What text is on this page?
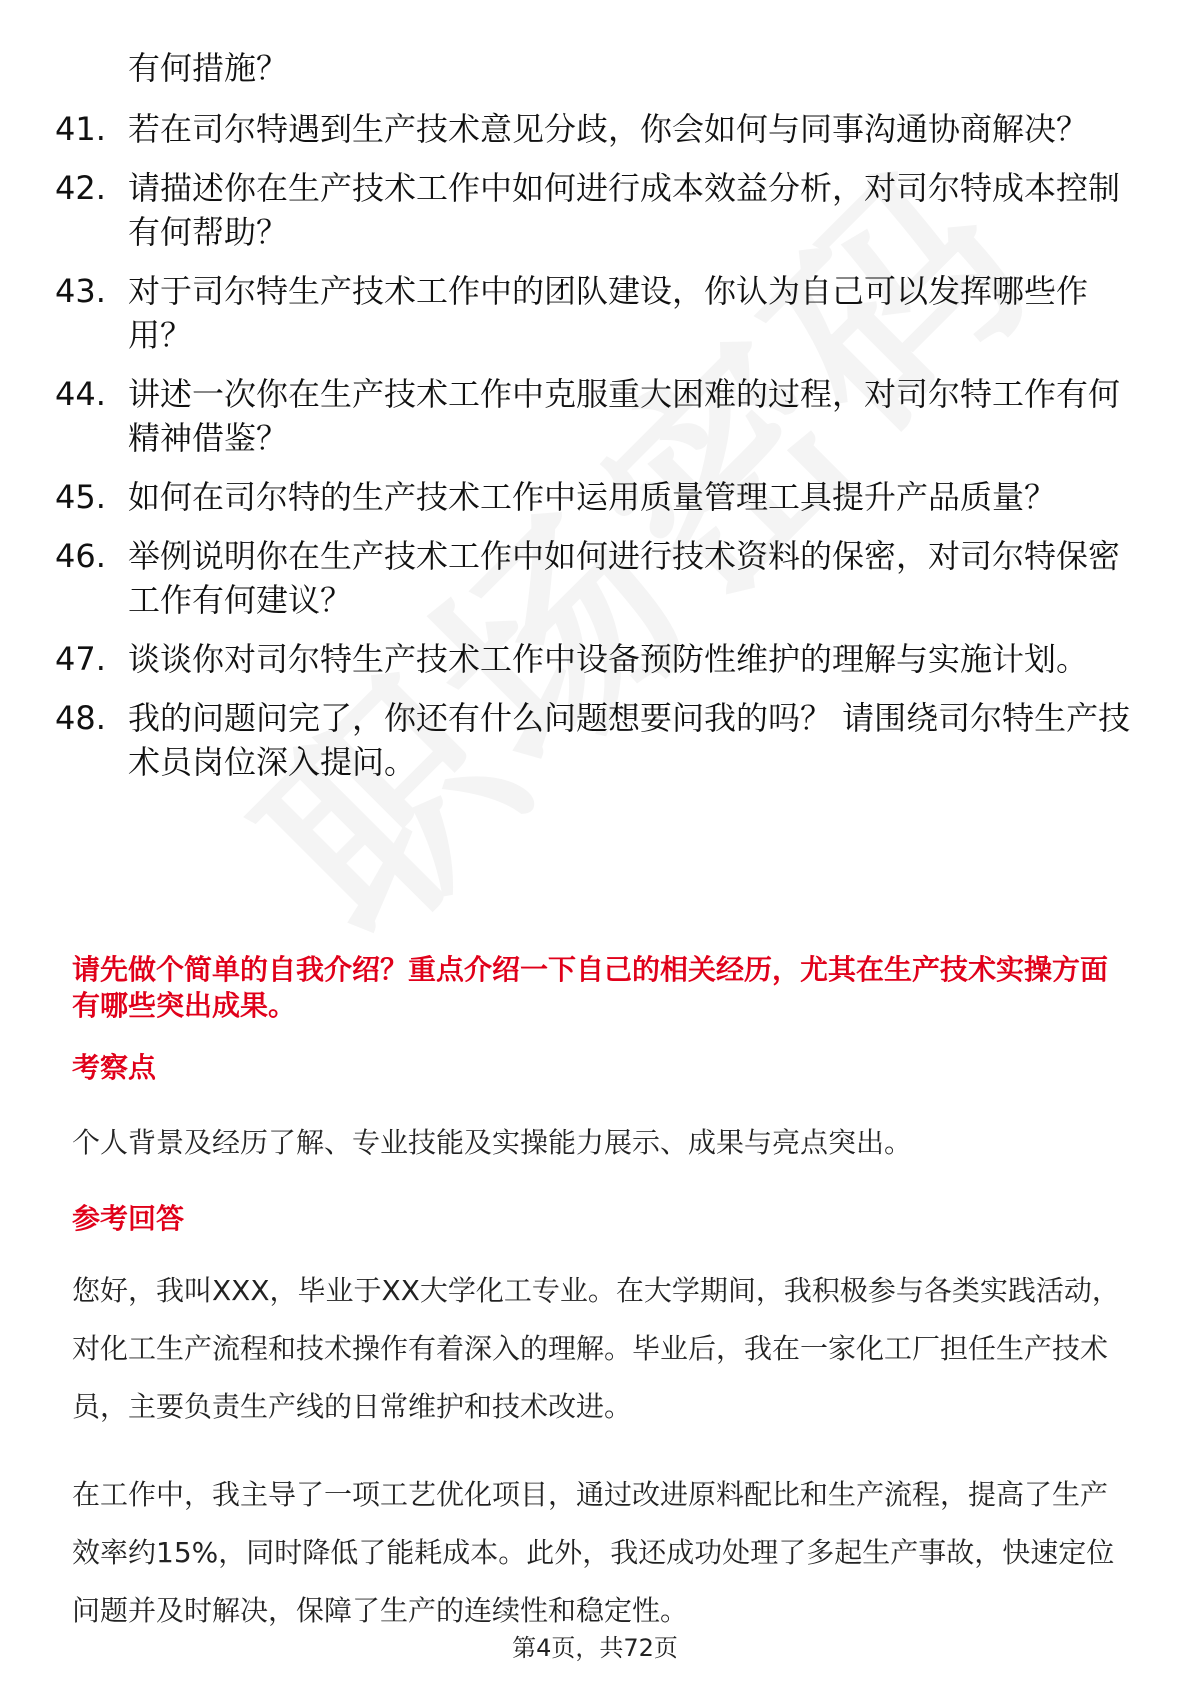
有何措施？
41. 若在司尔特遇到生产技术意见分歧，你会如何与同事沟通协商解决？
42. 请描述你在生产技术工作中如何进行成本效益分析，对司尔特成本控制有何帮助？
43. 对于司尔特生产技术工作中的团队建设，你认为自己可以发挥哪些作用？
44. 讲述一次你在生产技术工作中克服重大困难的过程，对司尔特工作有何精神借鉴？
45. 如何在司尔特的生产技术工作中运用质量管理工具提升产品质量？
46. 举例说明你在生产技术工作中如何进行技术资料的保密，对司尔特保密工作有何建议？
47. 谈谈你对司尔特生产技术工作中设备预防性维护的理解与实施计划。
48. 我的问题问完了，你还有什么问题想要问我的吗？ 请围绕司尔特生产技术员岗位深入提问。
请先做个简单的自我介绍？重点介绍一下自己的相关经历，尤其在生产技术实操方面有哪些突出成果。
考察点
个人背景及经历了解、专业技能及实操能力展示、成果与亮点突出。
参考回答
您好，我叫XXX，毕业于XX大学化工专业。在大学期间，我积极参与各类实践活动，对化工生产流程和技术操作有着深入的理解。毕业后，我在一家化工厂担任生产技术员，主要负责生产线的日常维护和技术改进。
在工作中，我主导了一项工艺优化项目，通过改进原料配比和生产流程，提高了生产效率约15%，同时降低了能耗成本。此外，我还成功处理了多起生产事故，快速定位问题并及时解决，保障了生产的连续性和稳定性。
第4页，共72页
